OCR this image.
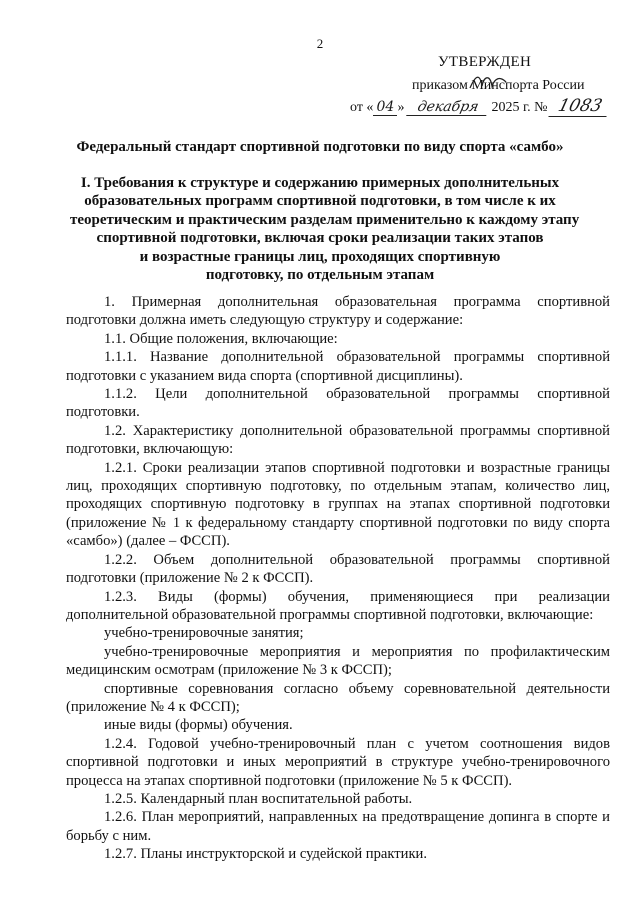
2
УТВЕРЖДЕН
приказом Минспорта России
от « 04 » декабря 2025 г. № 1083
Федеральный стандарт спортивной подготовки по виду спорта «самбо»
I. Требования к структуре и содержанию примерных дополнительных
образовательных программ спортивной подготовки, в том числе к их
теоретическим и практическим разделам применительно к каждому этапу
спортивной подготовки, включая сроки реализации таких этапов
и возрастные границы лиц, проходящих спортивную
подготовку, по отдельным этапам

1. Примерная дополнительная образовательная программа спортивной подготовки должна иметь следующую структуру и содержание:

1.1. Общие положения, включающие:

1.1.1. Название дополнительной образовательной программы спортивной подготовки с указанием вида спорта (спортивной дисциплины).

1.1.2. Цели дополнительной образовательной программы спортивной подготовки.

1.2. Характеристику дополнительной образовательной программы спортивной подготовки, включающую:

1.2.1. Сроки реализации этапов спортивной подготовки и возрастные границы лиц, проходящих спортивную подготовку, по отдельным этапам, количество лиц, проходящих спортивную подготовку в группах на этапах спортивной подготовки (приложение № 1 к федеральному стандарту спортивной подготовки по виду спорта «самбо») (далее – ФССП).

1.2.2. Объем дополнительной образовательной программы спортивной подготовки (приложение № 2 к ФССП).

1.2.3. Виды (формы) обучения, применяющиеся при реализации дополнительной образовательной программы спортивной подготовки, включающие:

учебно-тренировочные занятия;

учебно-тренировочные мероприятия и мероприятия по профилактическим медицинским осмотрам (приложение № 3 к ФССП);

спортивные соревнования согласно объему соревновательной деятельности (приложение № 4 к ФССП);

иные виды (формы) обучения.

1.2.4. Годовой учебно-тренировочный план с учетом соотношения видов спортивной подготовки и иных мероприятий в структуре учебно-тренировочного процесса на этапах спортивной подготовки (приложение № 5 к ФССП).

1.2.5. Календарный план воспитательной работы.

1.2.6. План мероприятий, направленных на предотвращение допинга в спорте и борьбу с ним.

1.2.7. Планы инструкторской и судейской практики.
